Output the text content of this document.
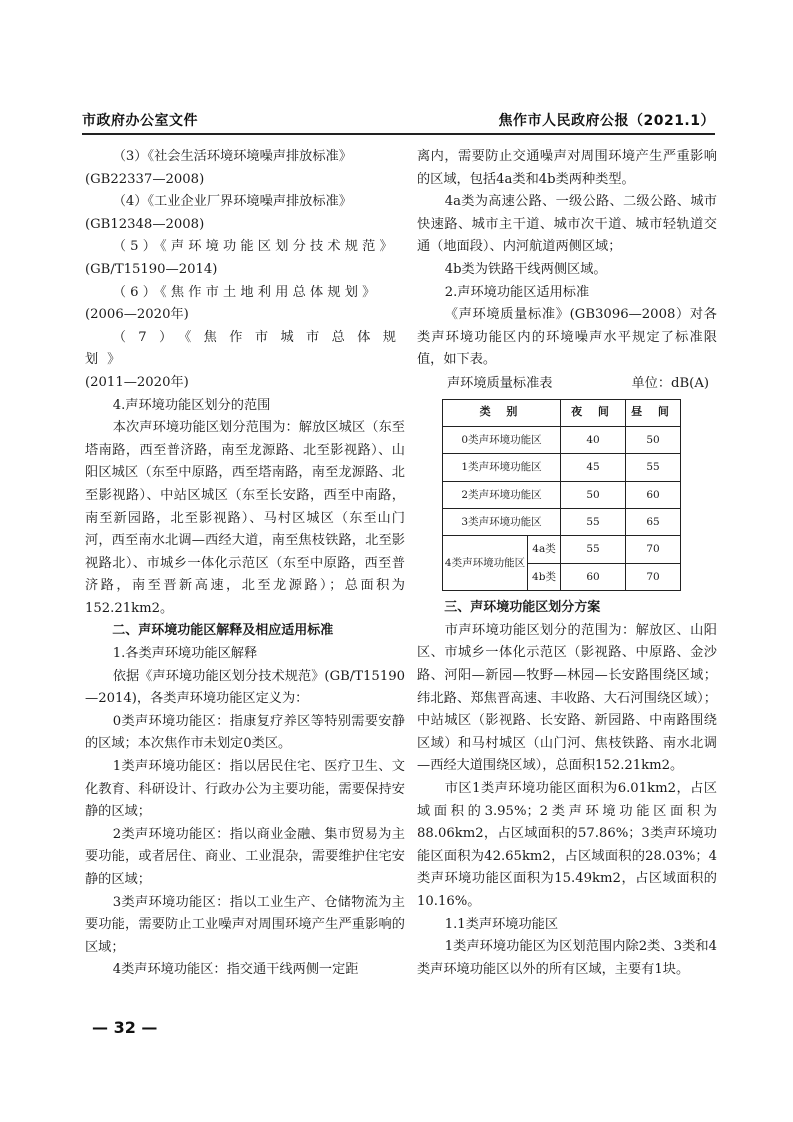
市政府办公室文件	焦作市人民政府公报（2021.1）

（3）《社会生活环境环境噪声排放标准》

(GB22337—2008)

（4）《工业企业厂界环境噪声排放标准》

(GB12348—2008)

（5）《声环境功能区划分技术规范》

(GB/T15190—2014)

（6）《焦作市土地利用总体规划》

(2006—2020年)

（7）《焦作市城市总体规划》

(2011—2020年)

4.声环境功能区划分的范围

本次声环境功能区划分范围为：解放区城区（东至塔南路，西至普济路，南至龙源路、北至影视路）、山阳区城区（东至中原路，西至塔南路，南至龙源路、北至影视路）、中站区城区（东至长安路，西至中南路，南至新园路，北至影视路）、马村区城区（东至山门河，西至南水北调—西经大道，南至焦枝铁路，北至影视路北）、市城乡一体化示范区（东至中原路，西至普济路，南至晋新高速，北至龙源路）；总面积为152.21km2。

二、声环境功能区解释及相应适用标准

1.各类声环境功能区解释

依据《声环境功能区划分技术规范》(GB/T15190—2014)，各类声环境功能区定义为：

0类声环境功能区：指康复疗养区等特别需要安静的区域；本次焦作市未划定0类区。

1类声环境功能区：指以居民住宅、医疗卫生、文化教育、科研设计、行政办公为主要功能，需要保持安静的区域；

2类声环境功能区：指以商业金融、集市贸易为主要功能，或者居住、商业、工业混杂，需要维护住宅安静的区域；

3类声环境功能区：指以工业生产、仓储物流为主要功能，需要防止工业噪声对周围环境产生严重影响的区域；

4类声环境功能区：指交通干线两侧一定距

离内，需要防止交通噪声对周围环境产生严重影响的区域，包括4a类和4b类两种类型。

4a类为高速公路、一级公路、二级公路、城市快速路、城市主干道、城市次干道、城市轻轨道交通（地面段）、内河航道两侧区域；

4b类为铁路干线两侧区域。

2.声环境功能区适用标准

《声环境质量标准》(GB3096—2008）对各类声环境功能区内的环境噪声水平规定了标准限值，如下表。

声环境质量标准表	单位：dB(A)
类 别		夜 间	昼 间
0类声环境功能区		40	50
1类声环境功能区		45	55
2类声环境功能区		50	60
3类声环境功能区		55	65
4类声环境功能区	4a类	55	70
	4b类	60	70

三、声环境功能区划分方案

市声环境功能区划分的范围为：解放区、山阳区、市城乡一体化示范区（影视路、中原路、金沙路、河阳—新园—牧野—林园—长安路围绕区域；纬北路、郑焦晋高速、丰收路、大石河围绕区域）；中站城区（影视路、长安路、新园路、中南路围绕区域）和马村城区（山门河、焦枝铁路、南水北调—西经大道围绕区域），总面积152.21km2。

市区1类声环境功能区面积为6.01km2，占区域面积的3.95%；2类声环境功能区面积为88.06km2，占区域面积的57.86%；3类声环境功能区面积为42.65km2，占区域面积的28.03%；4类声环境功能区面积为15.49km2，占区域面积的10.16%。

1.1类声环境功能区

1类声环境功能区为区划范围内除2类、3类和4类声环境功能区以外的所有区域，主要有1块。

— 32 —
